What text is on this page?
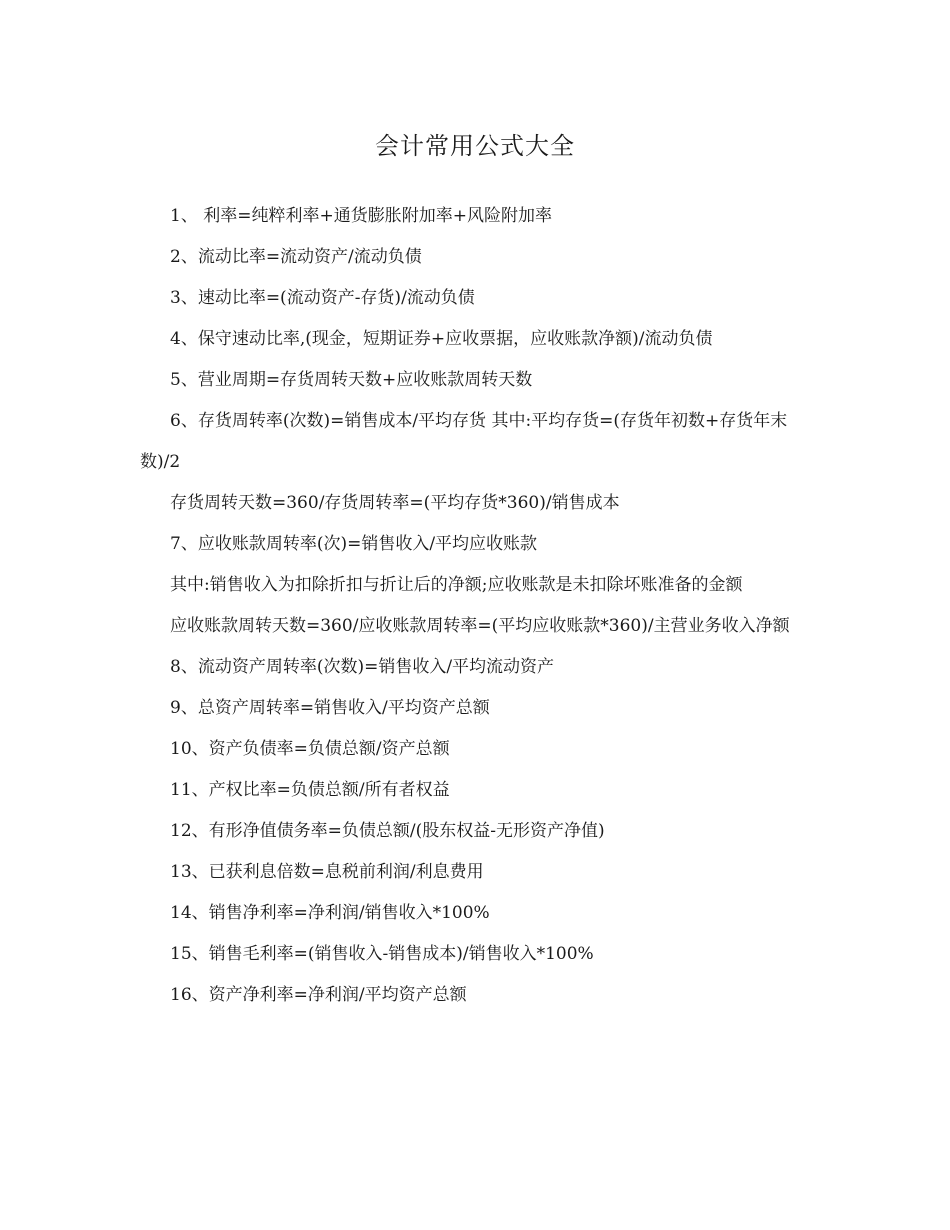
会计常用公式大全

1、 利率=纯粹利率+通货膨胀附加率+风险附加率

2、流动比率=流动资产/流动负债

3、速动比率=(流动资产-存货)/流动负债

4、保守速动比率,(现金，短期证券+应收票据，应收账款净额)/流动负债

5、营业周期=存货周转天数+应收账款周转天数

6、存货周转率(次数)=销售成本/平均存货 其中:平均存货=(存货年初数+存货年末数)/2

存货周转天数=360/存货周转率=(平均存货*360)/销售成本

7、应收账款周转率(次)=销售收入/平均应收账款

其中:销售收入为扣除折扣与折让后的净额;应收账款是未扣除坏账准备的金额

应收账款周转天数=360/应收账款周转率=(平均应收账款*360)/主营业务收入净额

8、流动资产周转率(次数)=销售收入/平均流动资产

9、总资产周转率=销售收入/平均资产总额

10、资产负债率=负债总额/资产总额

11、产权比率=负债总额/所有者权益

12、有形净值债务率=负债总额/(股东权益-无形资产净值)

13、已获利息倍数=息税前利润/利息费用

14、销售净利率=净利润/销售收入*100%

15、销售毛利率=(销售收入-销售成本)/销售收入*100%

16、资产净利率=净利润/平均资产总额
